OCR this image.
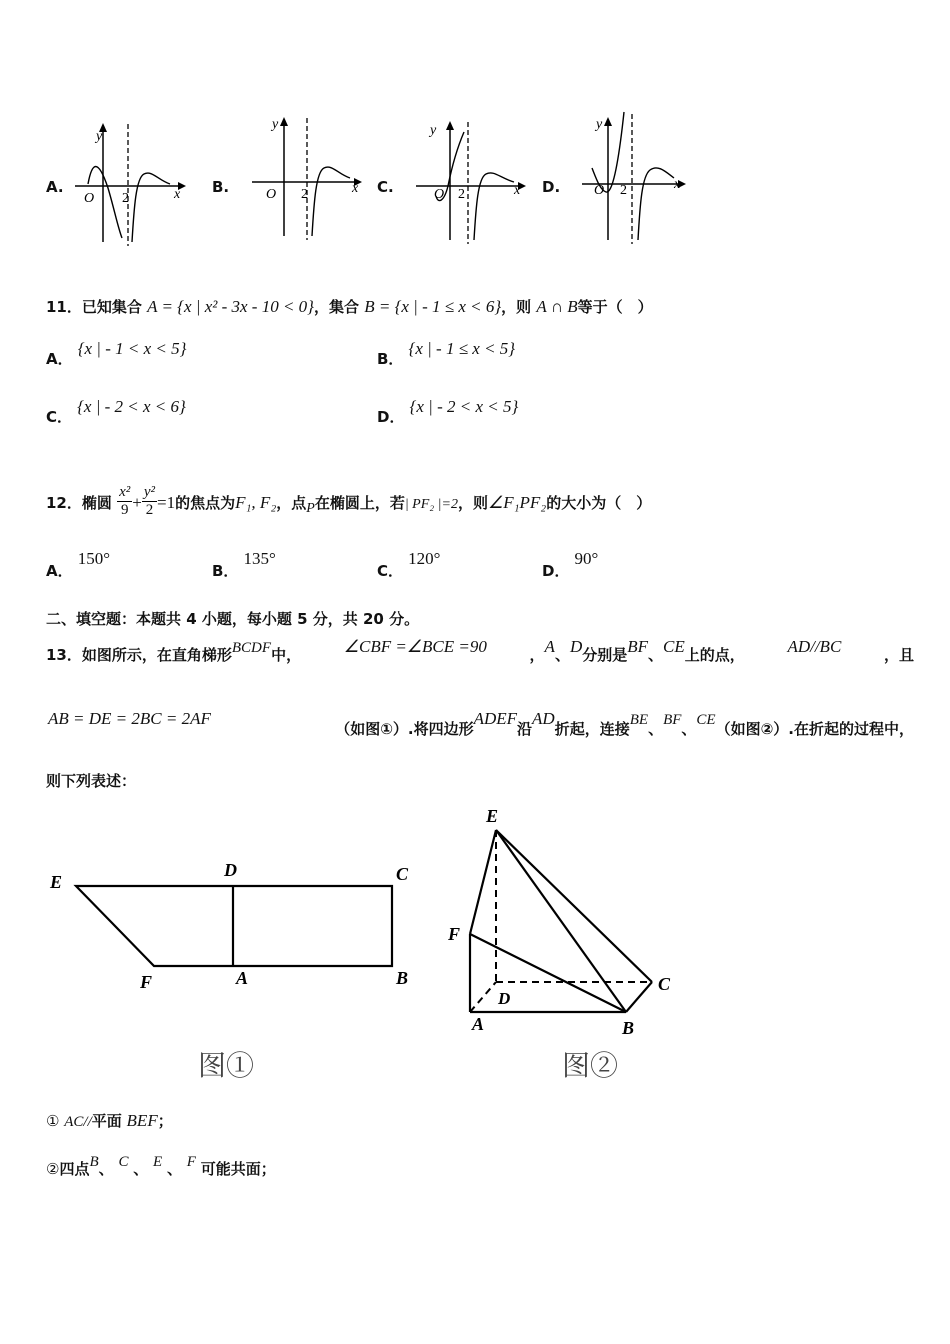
A.
y
x
O 2
B.
y
x
O 2	C.
y
x
O 2	D.
y
x
O 2
11．已知集合 A = {x | x² - 3x - 10 < 0}，集合 B = {x | - 1 ≤ x < 6}，则 A ∩ B等于（　）
A． {x | - 1 < x < 5}
B． {x | - 1 ≤ x < 5}
C． {x | - 2 < x < 6}
D． {x | - 2 < x < 5}
12．椭圆 $\frac{\text{x²}}{9} + \frac{\text{y²}}{2} =1$的焦点为F₁, F₂，点P在椭圆上，若| PF₂ |=2，则∠F₁PF₂的大小为（　）
A． 150°
B． 135°
C． 120°
D． 90°
二、填空题：本题共 4 小题，每小题 5 分，共 20 分。
13．如图所示，在直角梯形BCDF中，	∠CBF =∠BCE =90	，A、D分别是BF、CE上的点，	AD//BC	，且
AB = DE = 2BC = 2AF
（如图①）.将四边形ADEF沿AD折起，连接BE、BF、CE（如图②）.在折起的过程中，
则下列表述：
E
D	C
F	A	B
图①
E
F
D
C
A	B
图②
① AC//平面 BEF；
②四点B、 C 、 E 、 F 可能共面；
